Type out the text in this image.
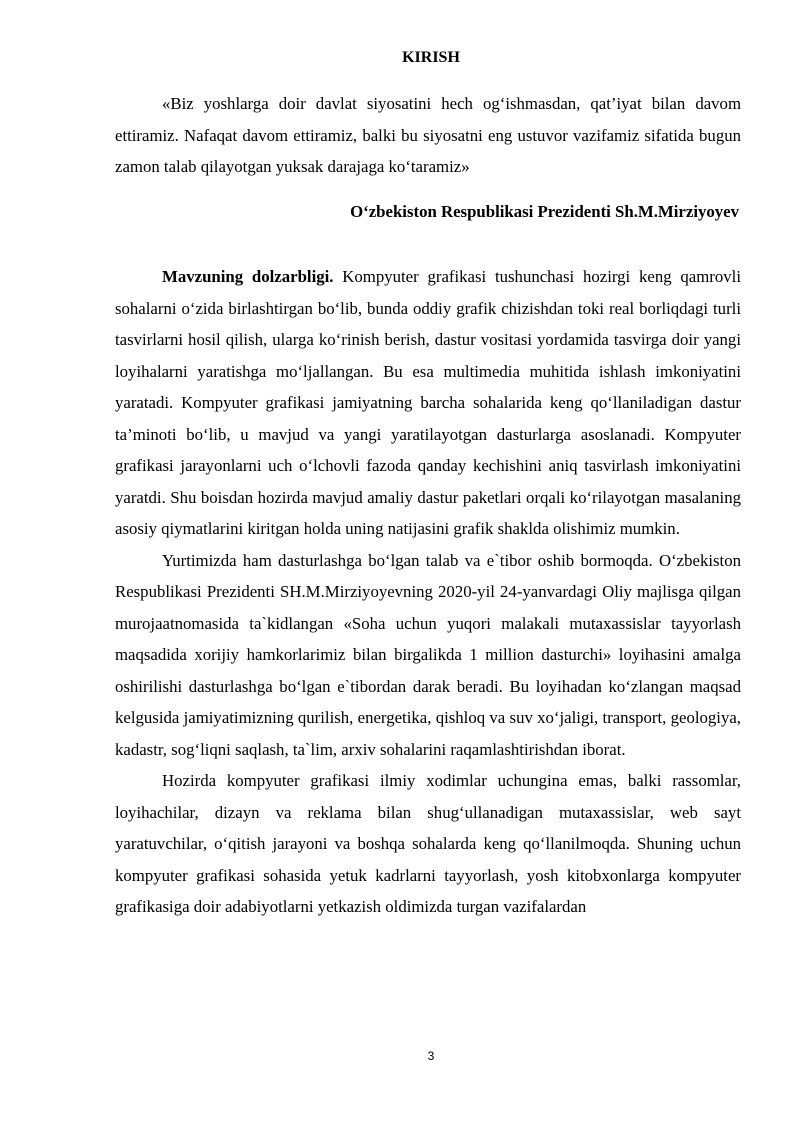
KIRISH

«Biz yoshlarga doir davlat siyosatini hech og‘ishmasdan, qat’iyat bilan davom ettiramiz. Nafaqat davom ettiramiz, balki bu siyosatni eng ustuvor vazifamiz sifatida bugun zamon talab qilayotgan yuksak darajaga ko‘taramiz»

O‘zbekiston Respublikasi Prezidenti Sh.M.Mirziyoyev

Mavzuning dolzarbligi. Kompyuter grafikasi tushunchasi hozirgi keng qamrovli sohalarni o‘zida birlashtirgan bo‘lib, bunda oddiy grafik chizishdan toki real borliqdagi turli tasvirlarni hosil qilish, ularga ko‘rinish berish, dastur vositasi yordamida tasvirga doir yangi loyihalarni yaratishga mo‘ljallangan. Bu esa multimedia muhitida ishlash imkoniyatini yaratadi. Kompyuter grafikasi jamiyatning barcha sohalarida keng qo‘llaniladigan dastur ta’minoti bo‘lib, u mavjud va yangi yaratilayotgan dasturlarga asoslanadi. Kompyuter grafikasi jarayonlarni uch o‘lchovli fazoda qanday kechishini aniq tasvirlash imkoniyatini yaratdi. Shu boisdan hozirda mavjud amaliy dastur paketlari orqali ko‘rilayotgan masalaning asosiy qiymatlarini kiritgan holda uning natijasini grafik shaklda olishimiz mumkin.

Yurtimizda ham dasturlashga bo‘lgan talab va e`tibor oshib bormoqda. O‘zbekiston Respublikasi Prezidenti SH.M.Mirziyoyevning 2020-yil 24-yanvardagi Oliy majlisga qilgan murojaatnomasida ta`kidlangan «Soha uchun yuqori malakali mutaxassislar tayyorlash maqsadida xorijiy hamkorlarimiz bilan birgalikda 1 million dasturchi» loyihasini amalga oshirilishi dasturlashga bo‘lgan e`tibordan darak beradi. Bu loyihadan ko‘zlangan maqsad kelgusida jamiyatimizning qurilish, energetika, qishloq va suv xo‘jaligi, transport, geologiya, kadastr, sog‘liqni saqlash, ta`lim, arxiv sohalarini raqamlashtirishdan iborat.

Hozirda kompyuter grafikasi ilmiy xodimlar uchungina emas, balki rassomlar, loyihachilar, dizayn va reklama bilan shug‘ullanadigan mutaxassislar, web sayt yaratuvchilar, o‘qitish jarayoni va boshqa sohalarda keng qo‘llanilmoqda. Shuning uchun kompyuter grafikasi sohasida yetuk kadrlarni tayyorlash, yosh kitobxonlarga kompyuter grafikasiga doir adabiyotlarni yetkazish oldimizda turgan vazifalardan

3
